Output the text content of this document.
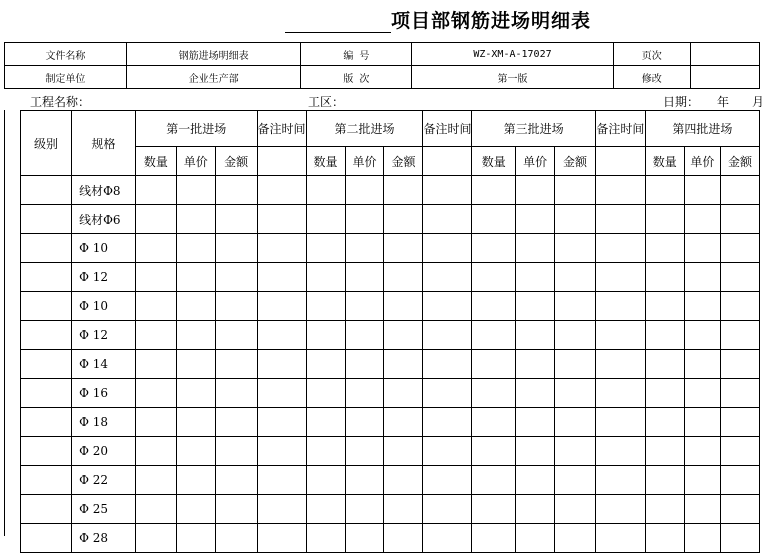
项目部钢筋进场明细表
文件名称	钢筋进场明细表	编 号	WZ-XM-A-17027	页次	
制定单位	企业生产部	版 次	第一版	修改	
工程名称：	工区：	日期： 年 月
级别	规格	第一批进场			备注时间	第二批进场			备注时间	第三批进场			备注时间	第四批进场		
		数量	单价	金额		数量	单价	金额		数量	单价	金额		数量	单价	金额
	线材Φ8															
	线材Φ6															
	Φ 10															
	Φ 12															
	Φ 10															
	Φ 12															
	Φ 14															
	Φ 16															
	Φ 18															
	Φ 20															
	Φ 22															
	Φ 25															
	Φ 28															
